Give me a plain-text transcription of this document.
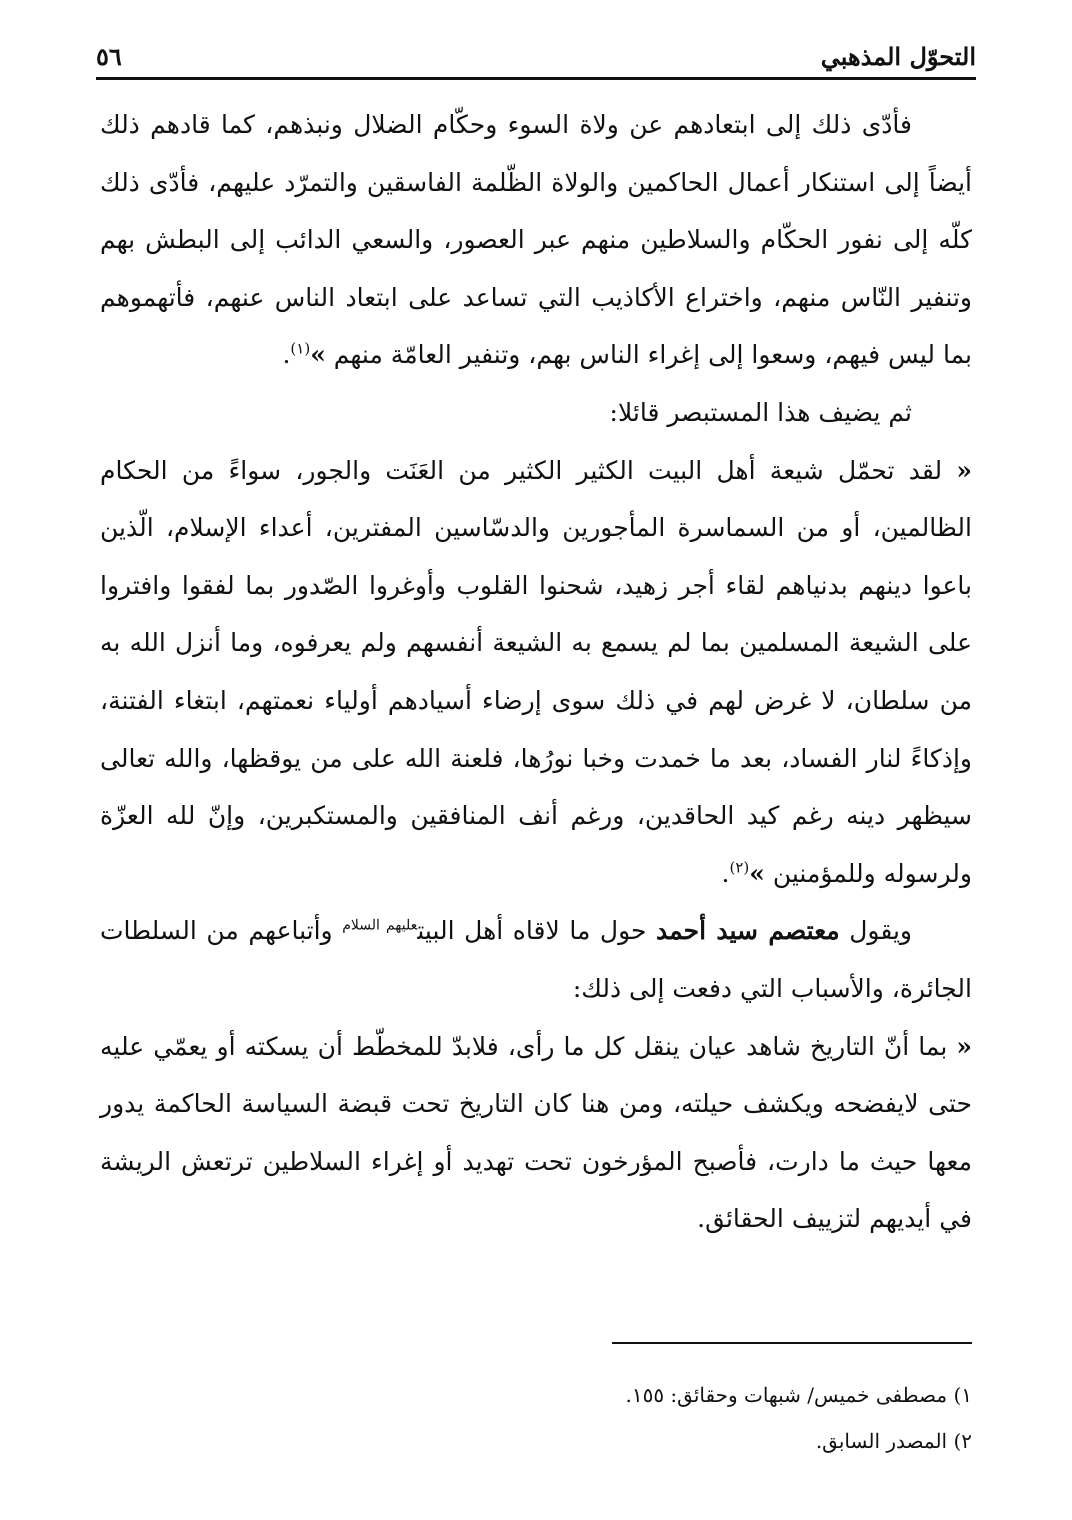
التحوّل المذهبي
٥٦

فأدّى ذلك إلى ابتعادهم عن ولاة السوء وحكّام الضلال ونبذهم، كما قادهم ذلك أيضاً إلى استنكار أعمال الحاكمين والولاة الظّلمة الفاسقين والتمرّد عليهم، فأدّى ذلك كلّه إلى نفور الحكّام والسلاطين منهم عبر العصور، والسعي الدائب إلى البطش بهم وتنفير النّاس منهم، واختراع الأكاذيب التي تساعد على ابتعاد الناس عنهم، فأتهموهم بما ليس فيهم، وسعوا إلى إغراء الناس بهم، وتنفير العامّة منهم »$^{(١)}$.

ثم يضيف هذا المستبصر قائلا:

« لقد تحمّل شيعة أهل البيت الكثير الكثير من العَنَت والجور، سواءً من الحكام الظالمين، أو من السماسرة المأجورين والدسّاسين المفترين، أعداء الإسلام، الّذين باعوا دينهم بدنياهم لقاء أجر زهيد، شحنوا القلوب وأوغروا الصّدور بما لفقوا وافتروا على الشيعة المسلمين بما لم يسمع به الشيعة أنفسهم ولم يعرفوه، وما أنزل الله به من سلطان، لا غرض لهم في ذلك سوى إرضاء أسيادهم أولياء نعمتهم، ابتغاء الفتنة، وإذكاءً لنار الفساد، بعد ما خمدت وخبا نورُها، فلعنة الله على من يوقظها، والله تعالى سيظهر دينه رغم كيد الحاقدين، ورغم أنف المنافقين والمستكبرين، وإنّ لله العزّة ولرسوله وللمؤمنين »$^{(٢)}$.

ويقول معتصم سيد أحمد حول ما لاقاه أهل البيت$^{عليهم السلام}$ وأتباعهم من السلطات الجائرة، والأسباب التي دفعت إلى ذلك:

« بما أنّ التاريخ شاهد عيان ينقل كل ما رأى، فلابدّ للمخطّط أن يسكته أو يعمّي عليه حتى لايفضحه ويكشف حيلته، ومن هنا كان التاريخ تحت قبضة السياسة الحاكمة يدور معها حيث ما دارت، فأصبح المؤرخون تحت تهديد أو إغراء السلاطين ترتعش الريشة في أيديهم لتزييف الحقائق.

١) مصطفى خميس/ شبهات وحقائق: ١٥٥.

٢) المصدر السابق.
